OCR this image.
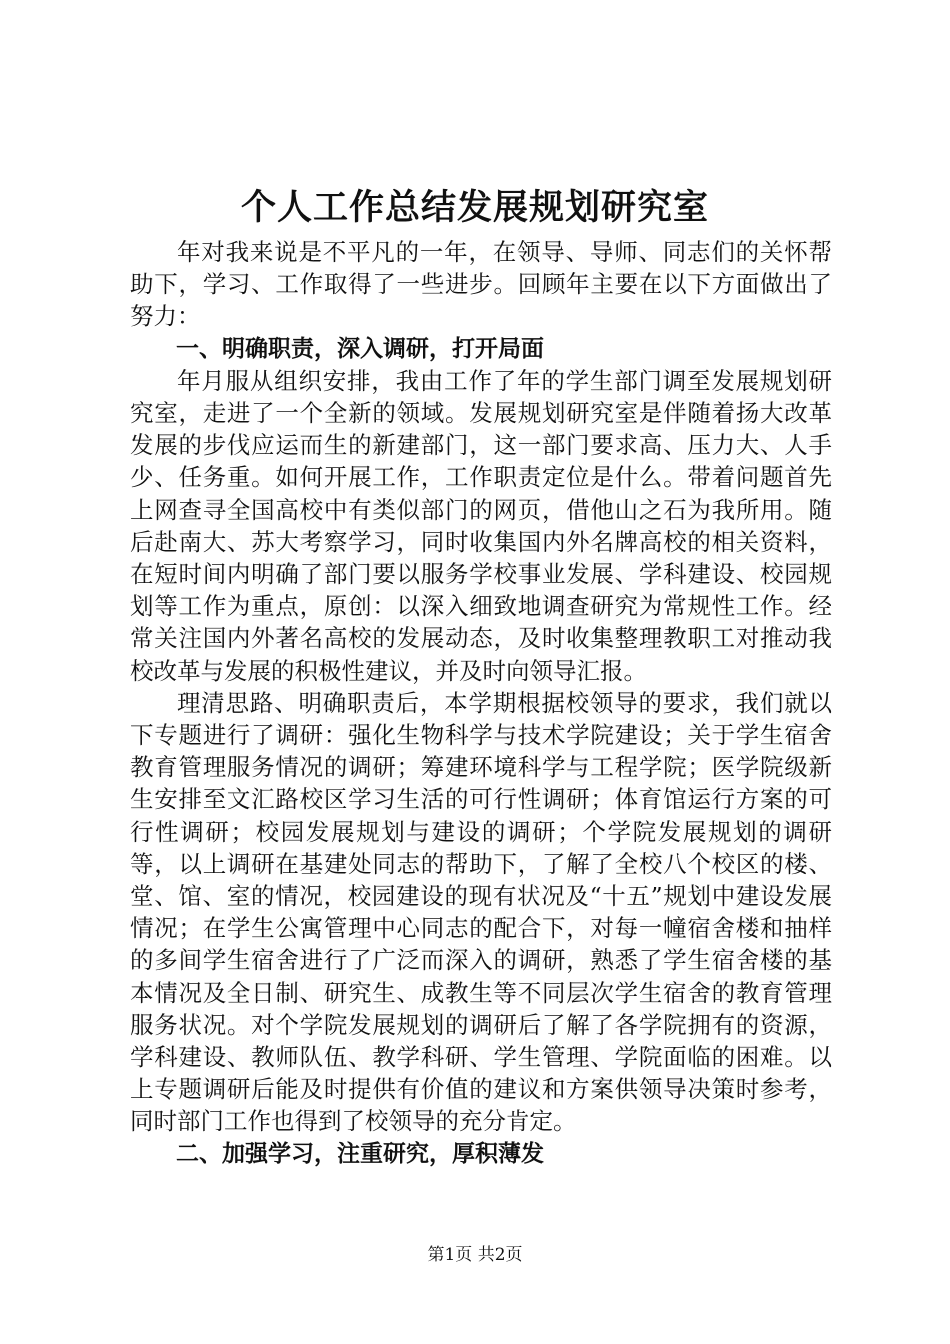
个人工作总结发展规划研究室

年对我来说是不平凡的一年，在领导、导师、同志们的关怀帮助下，学习、工作取得了一些进步。回顾年主要在以下方面做出了努力：

一、明确职责，深入调研，打开局面

年月服从组织安排，我由工作了年的学生部门调至发展规划研究室，走进了一个全新的领域。发展规划研究室是伴随着扬大改革发展的步伐应运而生的新建部门，这一部门要求高、压力大、人手少、任务重。如何开展工作，工作职责定位是什么。带着问题首先上网查寻全国高校中有类似部门的网页，借他山之石为我所用。随后赴南大、苏大考察学习，同时收集国内外名牌高校的相关资料，在短时间内明确了部门要以服务学校事业发展、学科建设、校园规划等工作为重点，原创：以深入细致地调查研究为常规性工作。经常关注国内外著名高校的发展动态，及时收集整理教职工对推动我校改革与发展的积极性建议，并及时向领导汇报。

理清思路、明确职责后，本学期根据校领导的要求，我们就以下专题进行了调研：强化生物科学与技术学院建设；关于学生宿舍教育管理服务情况的调研；筹建环境科学与工程学院；医学院级新生安排至文汇路校区学习生活的可行性调研；体育馆运行方案的可行性调研；校园发展规划与建设的调研；个学院发展规划的调研等，以上调研在基建处同志的帮助下，了解了全校八个校区的楼、堂、馆、室的情况，校园建设的现有状况及“十五”规划中建设发展情况；在学生公寓管理中心同志的配合下，对每一幢宿舍楼和抽样的多间学生宿舍进行了广泛而深入的调研，熟悉了学生宿舍楼的基本情况及全日制、研究生、成教生等不同层次学生宿舍的教育管理服务状况。对个学院发展规划的调研后了解了各学院拥有的资源，学科建设、教师队伍、教学科研、学生管理、学院面临的困难。以上专题调研后能及时提供有价值的建议和方案供领导决策时参考，同时部门工作也得到了校领导的充分肯定。

二、加强学习，注重研究，厚积薄发

第1页 共2页
